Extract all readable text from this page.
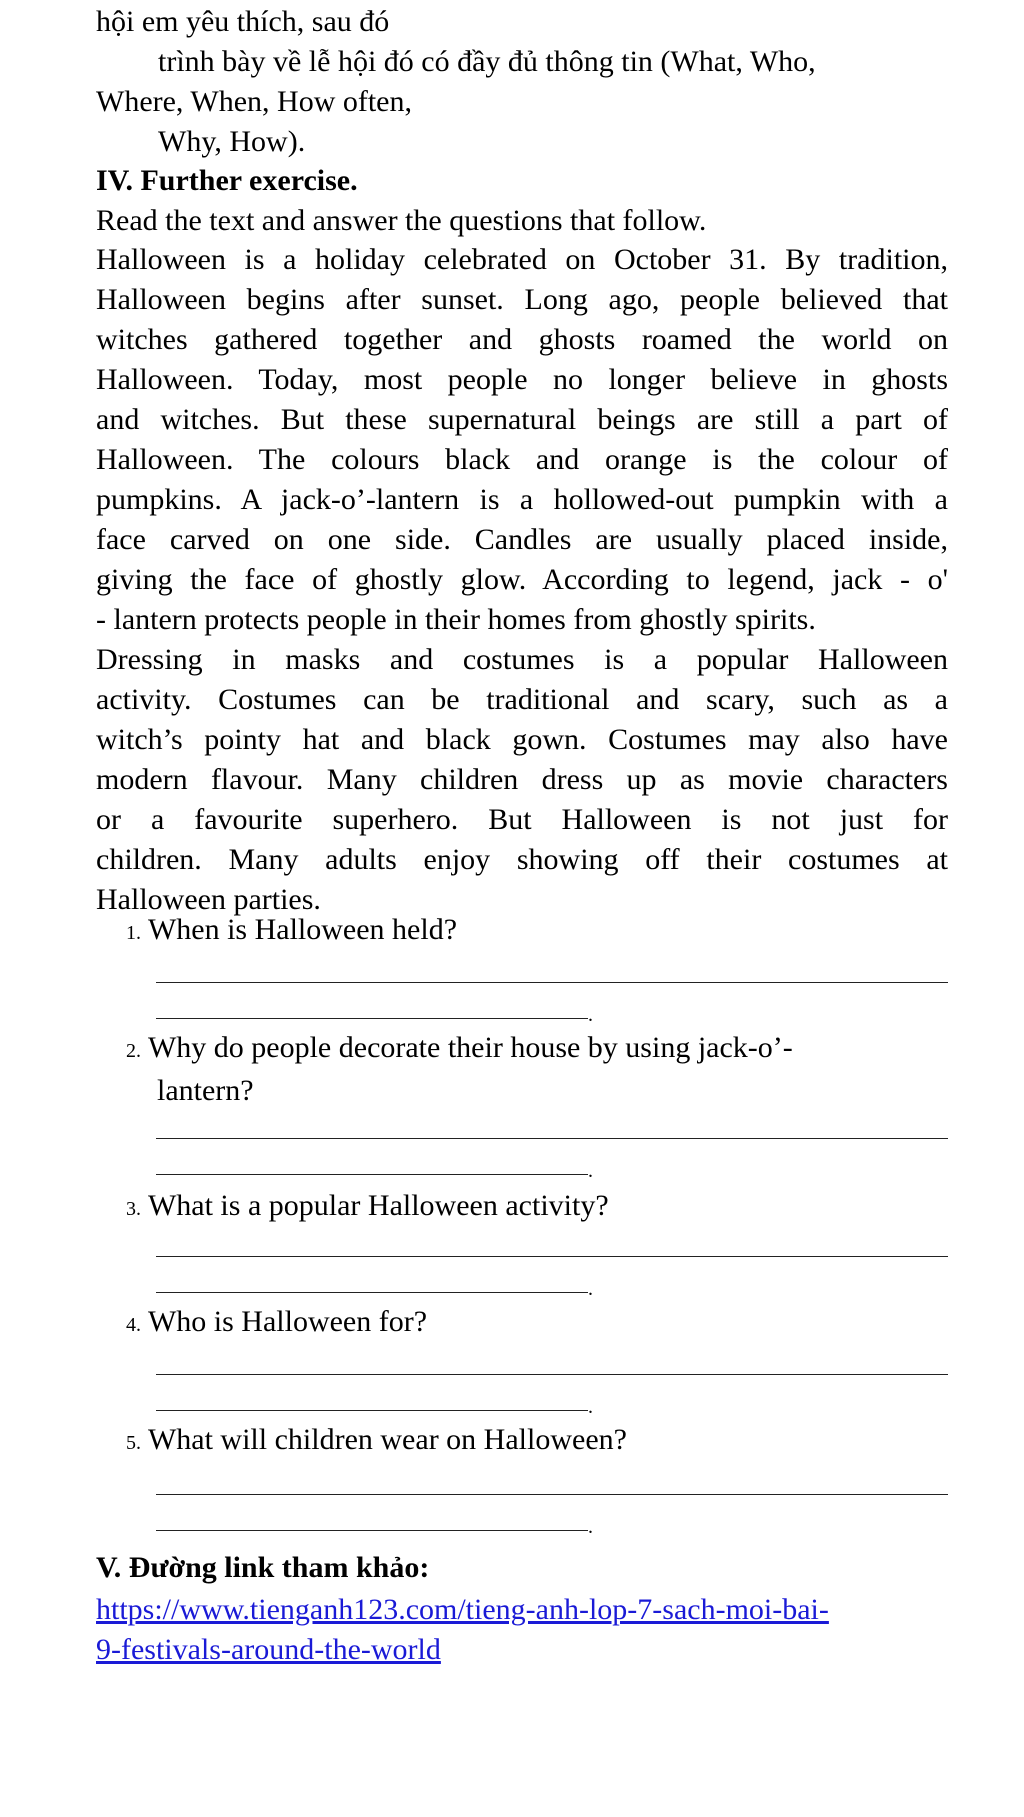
hội em yêu thích, sau đó
trình bày về lễ hội đó có đầy đủ thông tin (What, Who,
Where, When, How often,
Why, How).
IV. Further exercise.
Read the text and answer the questions that follow.
Halloween is a holiday celebrated on October 31. By tradition,
Halloween begins after sunset. Long ago, people believed that
witches gathered together and ghosts roamed the world on
Halloween. Today, most people no longer believe in ghosts
and witches. But these supernatural beings are still a part of
Halloween. The colours black and orange is the colour of
pumpkins. A jack-o’-lantern is a hollowed-out pumpkin with a
face carved on one side. Candles are usually placed inside,
giving the face of ghostly glow. According to legend, jack - o'
- lantern protects people in their homes from ghostly spirits.
Dressing in masks and costumes is a popular Halloween
activity. Costumes can be traditional and scary, such as a
witch’s pointy hat and black gown. Costumes may also have
modern flavour. Many children dress up as movie characters
or a favourite superhero. But Halloween is not just for
children. Many adults enjoy showing off their costumes at
Halloween parties.
1. When is Halloween held?
.
2. Why do people decorate their house by using jack-o’-
lantern?
.
3. What is a popular Halloween activity?
.
4. Who is Halloween for?
.
5. What will children wear on Halloween?
.
V. Đường link tham khảo:
https://www.tienganh123.com/tieng-anh-lop-7-sach-moi-bai-
9-festivals-around-the-world
